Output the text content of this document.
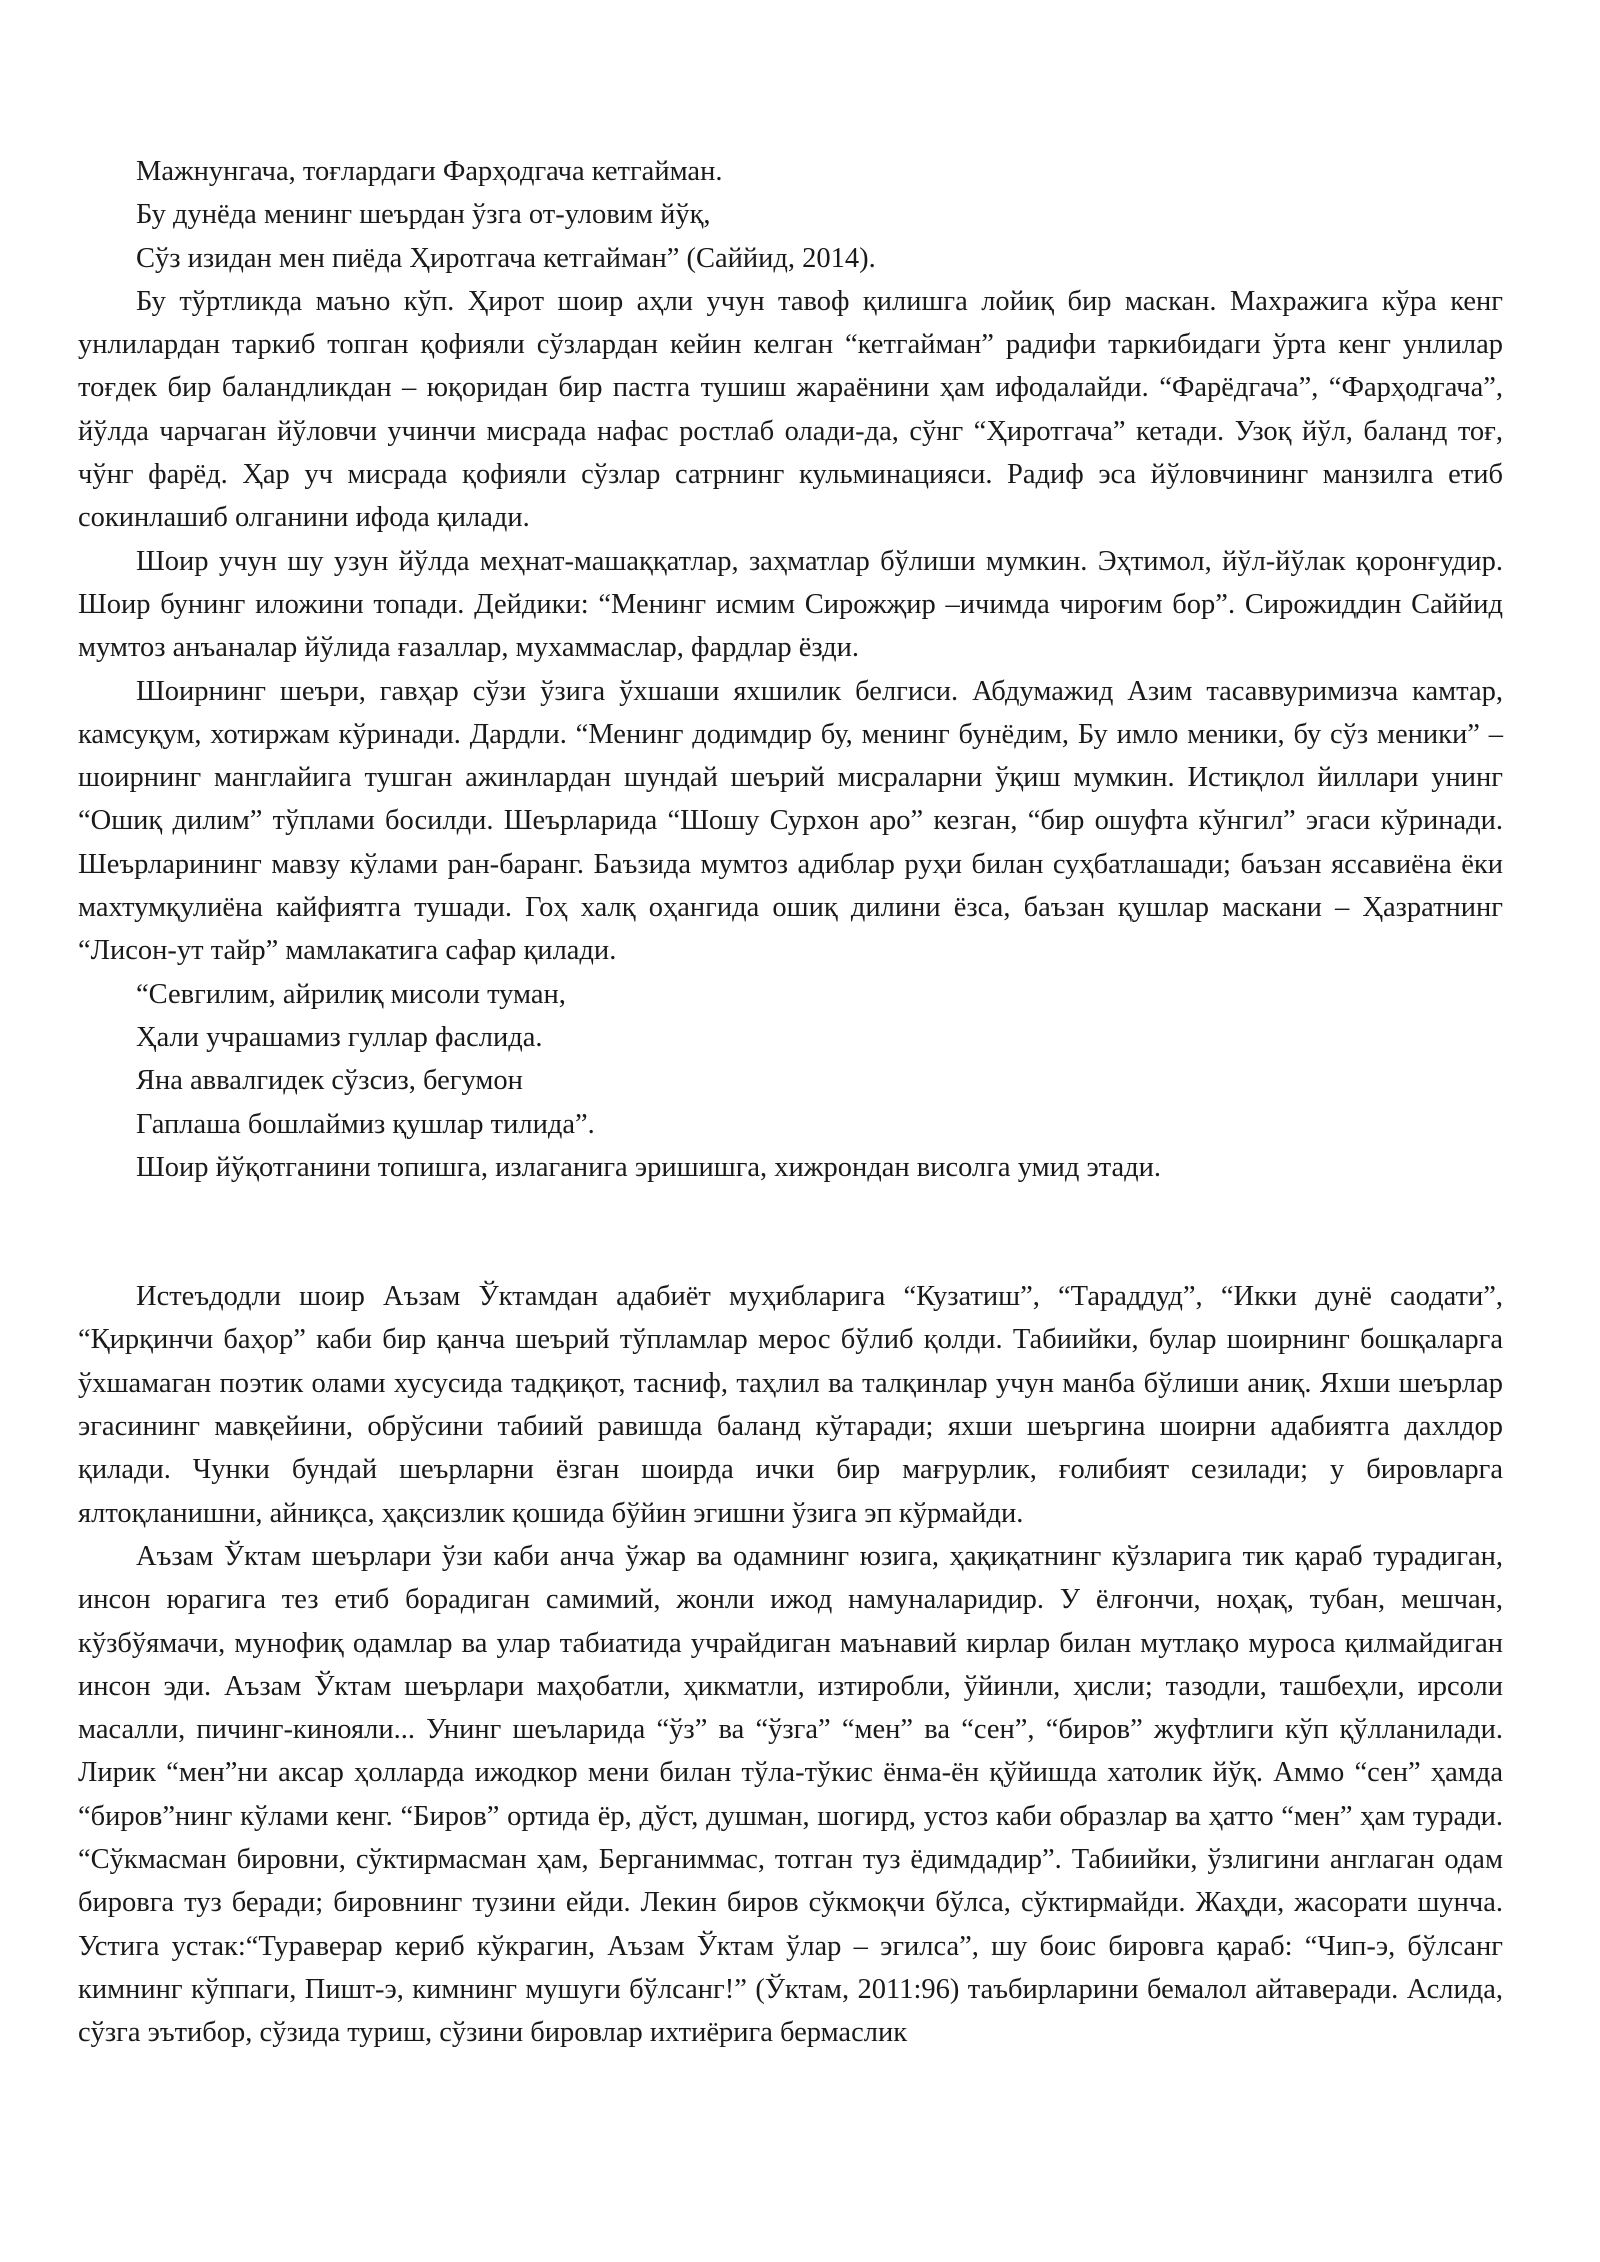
Мажнунгача, тоғлардаги Фарҳодгача кетгайман.

Бу дунёда менинг шеърдан ўзга от-уловим йўқ,

Сўз изидан мен пиёда Ҳиротгача кетгайман” (Саййид, 2014).

Бу тўртликда маъно кўп. Ҳирот шоир аҳли учун тавоф қилишга лойиқ бир маскан. Махражига кўра кенг унлилардан таркиб топган қофияли сўзлардан кейин келган “кетгайман” радифи таркибидаги ўрта кенг унлилар тоғдек бир баландликдан – юқоридан бир пастга тушиш жараёнини ҳам ифодалайди. “Фарёдгача”, “Фарҳодгача”, йўлда чарчаган йўловчи учинчи мисрада нафас ростлаб олади-да, сўнг “Ҳиротгача” кетади. Узоқ йўл, баланд тоғ, чўнг фарёд. Ҳар уч мисрада қофияли сўзлар сатрнинг кульминацияси. Радиф эса йўловчининг манзилга етиб сокинлашиб олганини ифода қилади.

Шоир учун шу узун йўлда меҳнат-машаққатлар, заҳматлар бўлиши мумкин. Эҳтимол, йўл-йўлак қоронғудир. Шоир бунинг иложини топади. Дейдики: “Менинг исмим Сирожҗир –ичимда чироғим бор”. Сирожиддин Саййид мумтоз анъаналар йўлида ғазаллар, мухаммаслар, фардлар ёзди.

Шоирнинг шеъри, гавҳар сўзи ўзига ўхшаши яхшилик белгиси. Абдумажид Азим тасаввуримизча камтар, камсуқум, хотиржам кўринади. Дардли. “Менинг додимдир бу, менинг бунёдим, Бу имло меники, бу сўз меники” – шоирнинг манглайига тушган ажинлардан шундай шеърий мисраларни ўқиш мумкин. Истиқлол йиллари унинг “Ошиқ дилим” тўплами босилди. Шеърларида “Шошу Сурхон аро” кезган, “бир ошуфта кўнгил” эгаси кўринади. Шеърларининг мавзу кўлами ран-баранг. Баъзида мумтоз адиблар руҳи билан суҳбатлашади; баъзан яссавиёна ёки махтумқулиёна кайфиятга тушади. Гоҳ халқ оҳангида ошиқ дилини ёзса, баъзан қушлар маскани – Ҳазратнинг “Лисон-ут тайр” мамлакатига сафар қилади.

“Севгилим, айрилиқ мисоли туман,

Ҳали учрашамиз гуллар фаслида.

Яна аввалгидек сўзсиз, бегумон

Гаплаша бошлаймиз қушлар тилида”.

Шоир йўқотганини топишга, излаганига эришишга, хижрондан висолга умид этади.

Истеъдодли шоир Аъзам Ўктамдан адабиёт муҳибларига “Кузатиш”, “Тараддуд”, “Икки дунё саодати”, “Қирқинчи баҳор” каби бир қанча шеърий тўпламлар мерос бўлиб қолди. Табиийки, булар шоирнинг бошқаларга ўхшамаган поэтик олами хусусида тадқиқот, тасниф, таҳлил ва талқинлар учун манба бўлиши аниқ. Яхши шеърлар эгасининг мавқейини, обрўсини табиий равишда баланд кўтаради; яхши шеъргина шоирни адабиятга дахлдор қилади. Чунки бундай шеърларни ёзган шоирда ички бир мағрурлик, ғолибият сезилади; у бировларга ялтоқланишни, айниқса, ҳақсизлик қошида бўйин эгишни ўзига эп кўрмайди.

Аъзам Ўктам шеърлари ўзи каби анча ўжар ва одамнинг юзига, ҳақиқатнинг кўзларига тик қараб турадиган, инсон юрагига тез етиб борадиган самимий, жонли ижод намуналаридир. У ёлғончи, ноҳақ, тубан, мешчан, кўзбўямачи, мунофиқ одамлар ва улар табиатида учрайдиган маънавий кирлар билан мутлақо муроса қилмайдиган инсон эди. Аъзам Ўктам шеърлари маҳобатли, ҳикматли, изтиробли, ўйинли, ҳисли; тазодли, ташбеҳли, ирсоли масалли, пичинг-кинояли... Унинг шеъларида “ўз” ва “ўзга” “мен” ва “сен”, “биров” жуфтлиги кўп қўлланилади. Лирик “мен”ни аксар ҳолларда ижодкор мени билан тўла-тўкис ёнма-ён қўйишда хатолик йўқ. Аммо “сен” ҳамда “биров”нинг кўлами кенг. “Биров” ортида ёр, дўст, душман, шогирд, устоз каби образлар ва ҳатто “мен” ҳам туради. “Сўкмасман бировни, сўктирмасман ҳам, Берганиммас, тотган туз ёдимдадир”. Табиийки, ўзлигини англаган одам бировга туз беради; бировнинг тузини ейди. Лекин биров сўкмоқчи бўлса, сўктирмайди. Жаҳди, жасорати шунча. Устига устак:“Тураверар кериб кўкрагин, Аъзам Ўктам ўлар – эгилса”, шу боис бировга қараб: “Чип-э, бўлсанг кимнинг кўппаги, Пишт-э, кимнинг мушуги бўлсанг!” (Ўктам, 2011:96) таъбирларини бемалол айтаверади. Аслида, сўзга эътибор, сўзида туриш, сўзини бировлар ихтиёрига бермаслик
